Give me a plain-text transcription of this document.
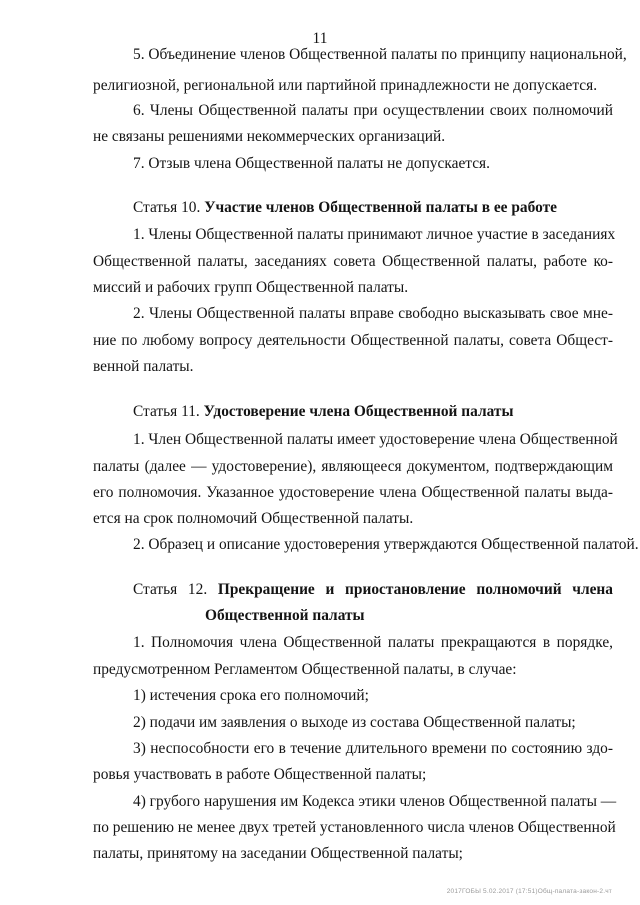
11
5. Объединение членов Общественной палаты по принципу национальной,
религиозной, региональной или партийной принадлежности не допускается.
6. Члены Общественной палаты при осуществлении своих полномочий
не связаны решениями некоммерческих организаций.
7. Отзыв члена Общественной палаты не допускается.
Статья 10. Участие членов Общественной палаты в ее работе
1. Члены Общественной палаты принимают личное участие в заседаниях
Общественной палаты, заседаниях совета Общественной палаты, работе ко-
миссий и рабочих групп Общественной палаты.
2. Члены Общественной палаты вправе свободно высказывать свое мне-
ние по любому вопросу деятельности Общественной палаты, совета Общест-
венной палаты.
Статья 11. Удостоверение члена Общественной палаты
1. Член Общественной палаты имеет удостоверение члена Общественной
палаты (далее — удостоверение), являющееся документом, подтверждающим
его полномочия. Указанное удостоверение члена Общественной палаты выда-
ется на срок полномочий Общественной палаты.
2. Образец и описание удостоверения утверждаются Общественной палатой.
Статья 12. Прекращение и приостановление полномочий члена
Общественной палаты
1. Полномочия члена Общественной палаты прекращаются в порядке,
предусмотренном Регламентом Общественной палаты, в случае:
1) истечения срока его полномочий;
2) подачи им заявления о выходе из состава Общественной палаты;
3) неспособности его в течение длительного времени по состоянию здо-
ровья участвовать в работе Общественной палаты;
4) грубого нарушения им Кодекса этики членов Общественной палаты —
по решению не менее двух третей установленного числа членов Общественной
палаты, принятому на заседании Общественной палаты;
2017ГОБЫ 5.02.2017 (17:51)Общ-палата-закон-2.чт
